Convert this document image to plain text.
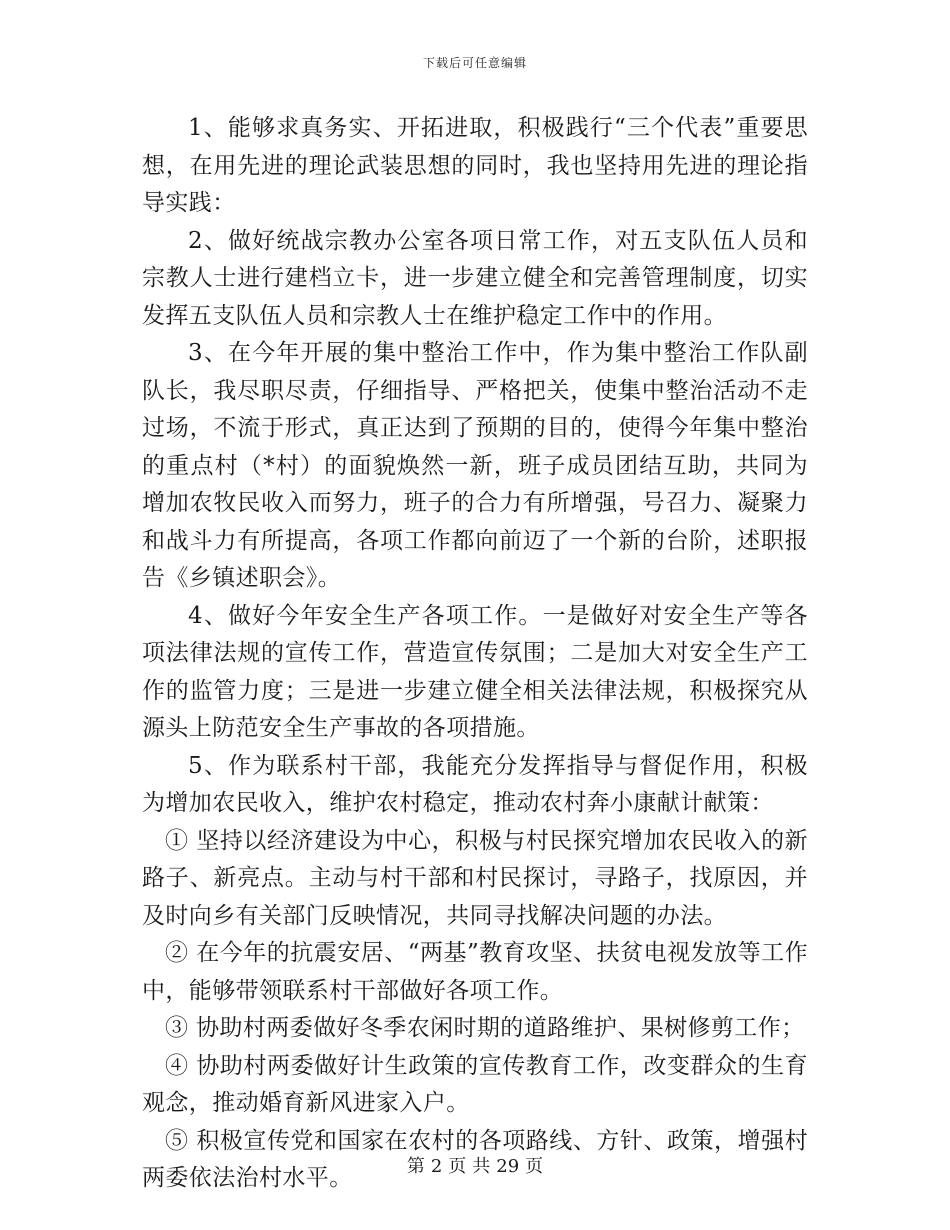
下载后可任意编辑

1、能够求真务实、开拓进取，积极践行“三个代表”重要思想，在用先进的理论武装思想的同时，我也坚持用先进的理论指导实践：

2、做好统战宗教办公室各项日常工作，对五支队伍人员和宗教人士进行建档立卡，进一步建立健全和完善管理制度，切实发挥五支队伍人员和宗教人士在维护稳定工作中的作用。

3、在今年开展的集中整治工作中，作为集中整治工作队副队长，我尽职尽责，仔细指导、严格把关，使集中整治活动不走过场，不流于形式，真正达到了预期的目的，使得今年集中整治的重点村（*村）的面貌焕然一新，班子成员团结互助，共同为增加农牧民收入而努力，班子的合力有所增强，号召力、凝聚力和战斗力有所提高，各项工作都向前迈了一个新的台阶，述职报告《乡镇述职会》。

4、做好今年安全生产各项工作。一是做好对安全生产等各项法律法规的宣传工作，营造宣传氛围；二是加大对安全生产工作的监管力度；三是进一步建立健全相关法律法规，积极探究从源头上防范安全生产事故的各项措施。

5、作为联系村干部，我能充分发挥指导与督促作用，积极为增加农民收入，维护农村稳定，推动农村奔小康献计献策：

① 坚持以经济建设为中心，积极与村民探究增加农民收入的新路子、新亮点。主动与村干部和村民探讨，寻路子，找原因，并及时向乡有关部门反映情况，共同寻找解决问题的办法。

② 在今年的抗震安居、“两基”教育攻坚、扶贫电视发放等工作中，能够带领联系村干部做好各项工作。

③ 协助村两委做好冬季农闲时期的道路维护、果树修剪工作；

④ 协助村两委做好计生政策的宣传教育工作，改变群众的生育观念，推动婚育新风进家入户。

⑤ 积极宣传党和国家在农村的各项路线、方针、政策，增强村两委依法治村水平。	第 2 页 共 29 页
